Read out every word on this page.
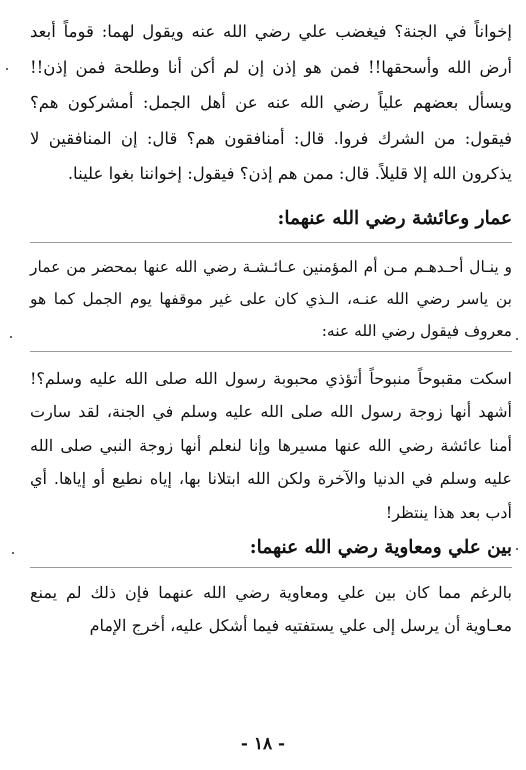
إخواناً في الجنة؟ فيغضب علي رضي الله عنه ويقول لهما: قوماً أبعد أرض الله وأسحقها!! فمن هو إذن إن لم أكن أنا وطلحة فمن إذن!! ويسأل بعضهم علياً رضي الله عنه عن أهل الجمل: أمشركون هم؟ فيقول: من الشرك فروا. قال: أمنافقون هم؟ قال: إن المنافقين لا يذكرون الله إلا قليلاً. قال: ممن هم إذن؟ فيقول: إخواننا بغوا علينا.

عمار وعائشة رضي الله عنهما:

و ينـال أحـدهـم مـن أم المؤمنين عـائـشـة رضي الله عنها بمحضر من عمار بن ياسر رضي الله عنـه، الـذي كان على غير موقفها يوم الجمل كما هو معروف فيقول رضي الله عنه:

اسكت مقبوحاً منبوحاً أتؤذي محبوبة رسول الله صلى الله عليه وسلم؟! أشهد أنها زوجة رسول الله صلى الله عليه وسلم في الجنة، لقد سارت أمنا عائشة رضي الله عنها مسيرها وإنا لنعلم أنها زوجة النبي صلى الله عليه وسلم في الدنيا والآخرة ولكن الله ابتلانا بها، إياه نطيع أو إياها. أي أدب بعد هذا ينتظر!

بين علي ومعاوية رضي الله عنهما:

بالرغم مما كان بين علي ومعاوية رضي الله عنهما فإن ذلك لم يمنع معـاوية أن يرسل إلى علي يستفتيه فيما أشكل عليه، أخرج الإمام

- ١٨ -
